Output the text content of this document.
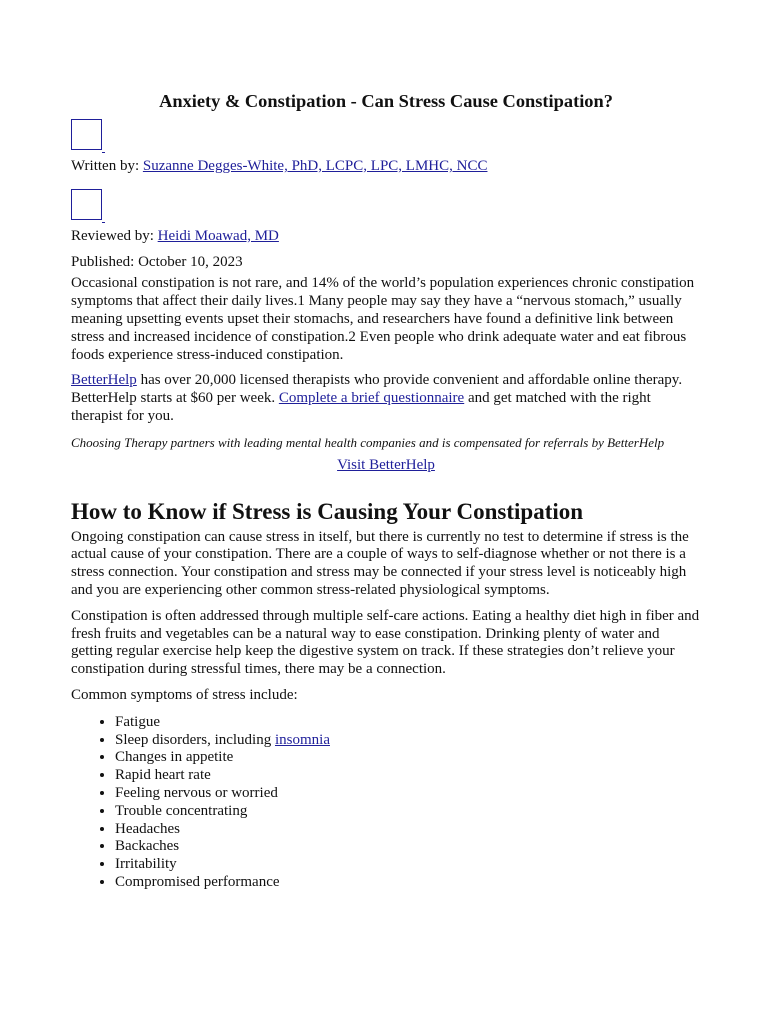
Anxiety & Constipation - Can Stress Cause Constipation?

Written by: Suzanne Degges-White, PhD, LCPC, LPC, LMHC, NCC

Reviewed by: Heidi Moawad, MD

Published: October 10, 2023

Occasional constipation is not rare, and 14% of the world’s population experiences chronic constipation symptoms that affect their daily lives.1 Many people may say they have a “nervous stomach,” usually meaning upsetting events upset their stomachs, and researchers have found a definitive link between stress and increased incidence of constipation.2 Even people who drink adequate water and eat fibrous foods experience stress-induced constipation.

BetterHelp has over 20,000 licensed therapists who provide convenient and affordable online therapy. BetterHelp starts at $60 per week. Complete a brief questionnaire and get matched with the right therapist for you.

Choosing Therapy partners with leading mental health companies and is compensated for referrals by BetterHelp

Visit BetterHelp

How to Know if Stress is Causing Your Constipation

Ongoing constipation can cause stress in itself, but there is currently no test to determine if stress is the actual cause of your constipation. There are a couple of ways to self-diagnose whether or not there is a stress connection. Your constipation and stress may be connected if your stress level is noticeably high and you are experiencing other common stress-related physiological symptoms.

Constipation is often addressed through multiple self-care actions. Eating a healthy diet high in fiber and fresh fruits and vegetables can be a natural way to ease constipation. Drinking plenty of water and getting regular exercise help keep the digestive system on track. If these strategies don’t relieve your constipation during stressful times, there may be a connection.

Common symptoms of stress include:

• Fatigue
• Sleep disorders, including insomnia
• Changes in appetite
• Rapid heart rate
• Feeling nervous or worried
• Trouble concentrating
• Headaches
• Backaches
• Irritability
• Compromised performance
